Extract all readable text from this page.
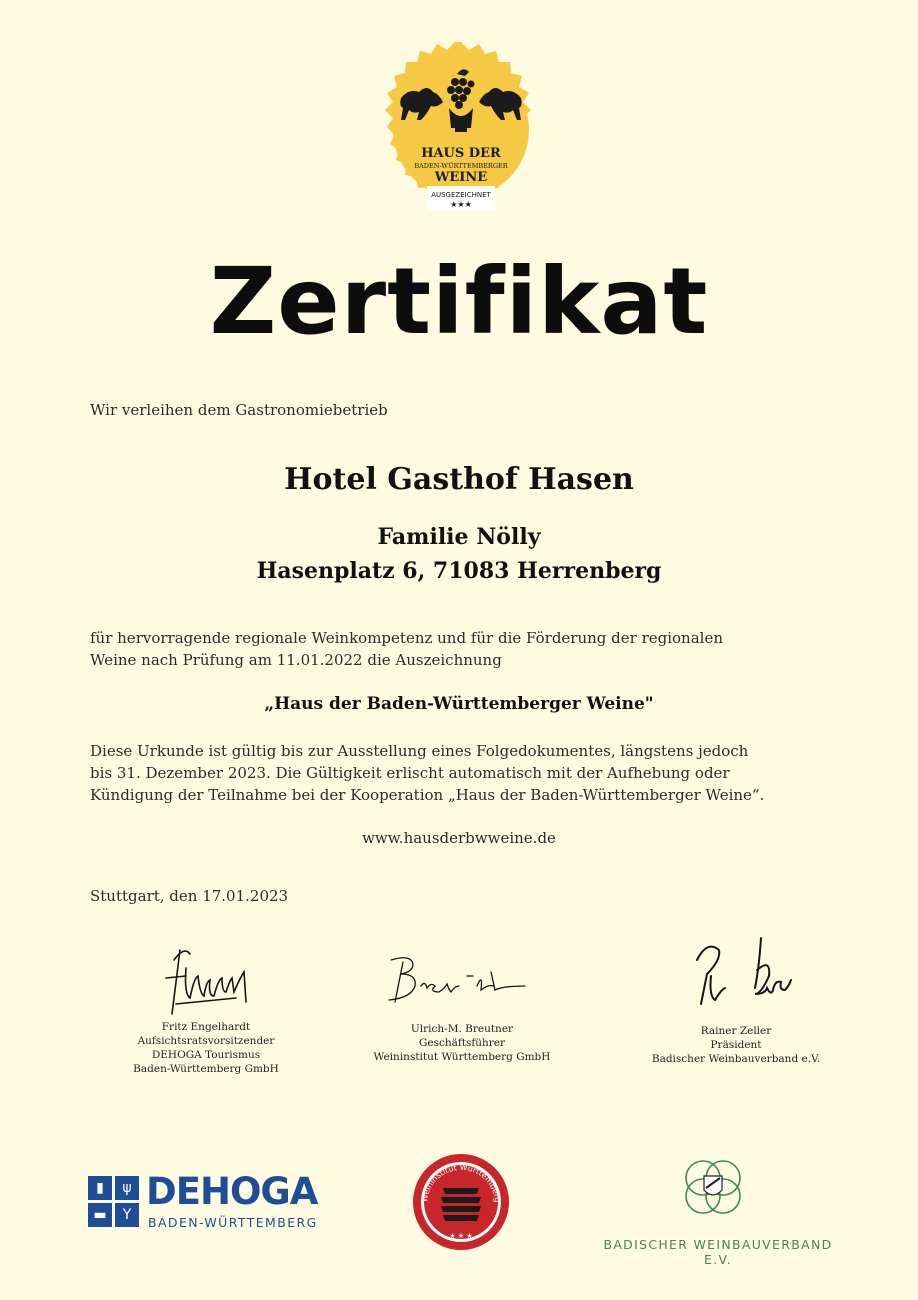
HAUS DER
BADEN-WÜRTTEMBERGER
WEINE
AUSGEZEICHNET
★★★
Zertifikat
Wir verleihen dem Gastronomiebetrieb
Hotel Gasthof Hasen
Familie Nölly
Hasenplatz 6, 71083 Herrenberg
für hervorragende regionale Weinkompetenz und für die Förderung der regionalen
Weine nach Prüfung am 11.01.2022 die Auszeichnung
„Haus der Baden-Württemberger Weine"
Diese Urkunde ist gültig bis zur Ausstellung eines Folgedokumentes, längstens jedoch
bis 31. Dezember 2023. Die Gültigkeit erlischt automatisch mit der Aufhebung oder
Kündigung der Teilnahme bei der Kooperation „Haus der Baden-Württemberger Weine“.
www.hausderbwweine.de
Stuttgart, den 17.01.2023
Fritz Engelhardt
Aufsichtsratsvorsitzender
DEHOGA Tourismus
Baden-Württemberg GmbH
Ulrich-M. Breutner
Geschäftsführer
Weininstitut Württemberg GmbH
Rainer Zeller
Präsident
Badischer Weinbauverband e.V.
▮	ψ
▬	Y
DEHOGA
BADEN-WÜRTTEMBERG
Weininstitut Württemberg
★ ★ ★
BADISCHER WEINBAUVERBAND E.V.
